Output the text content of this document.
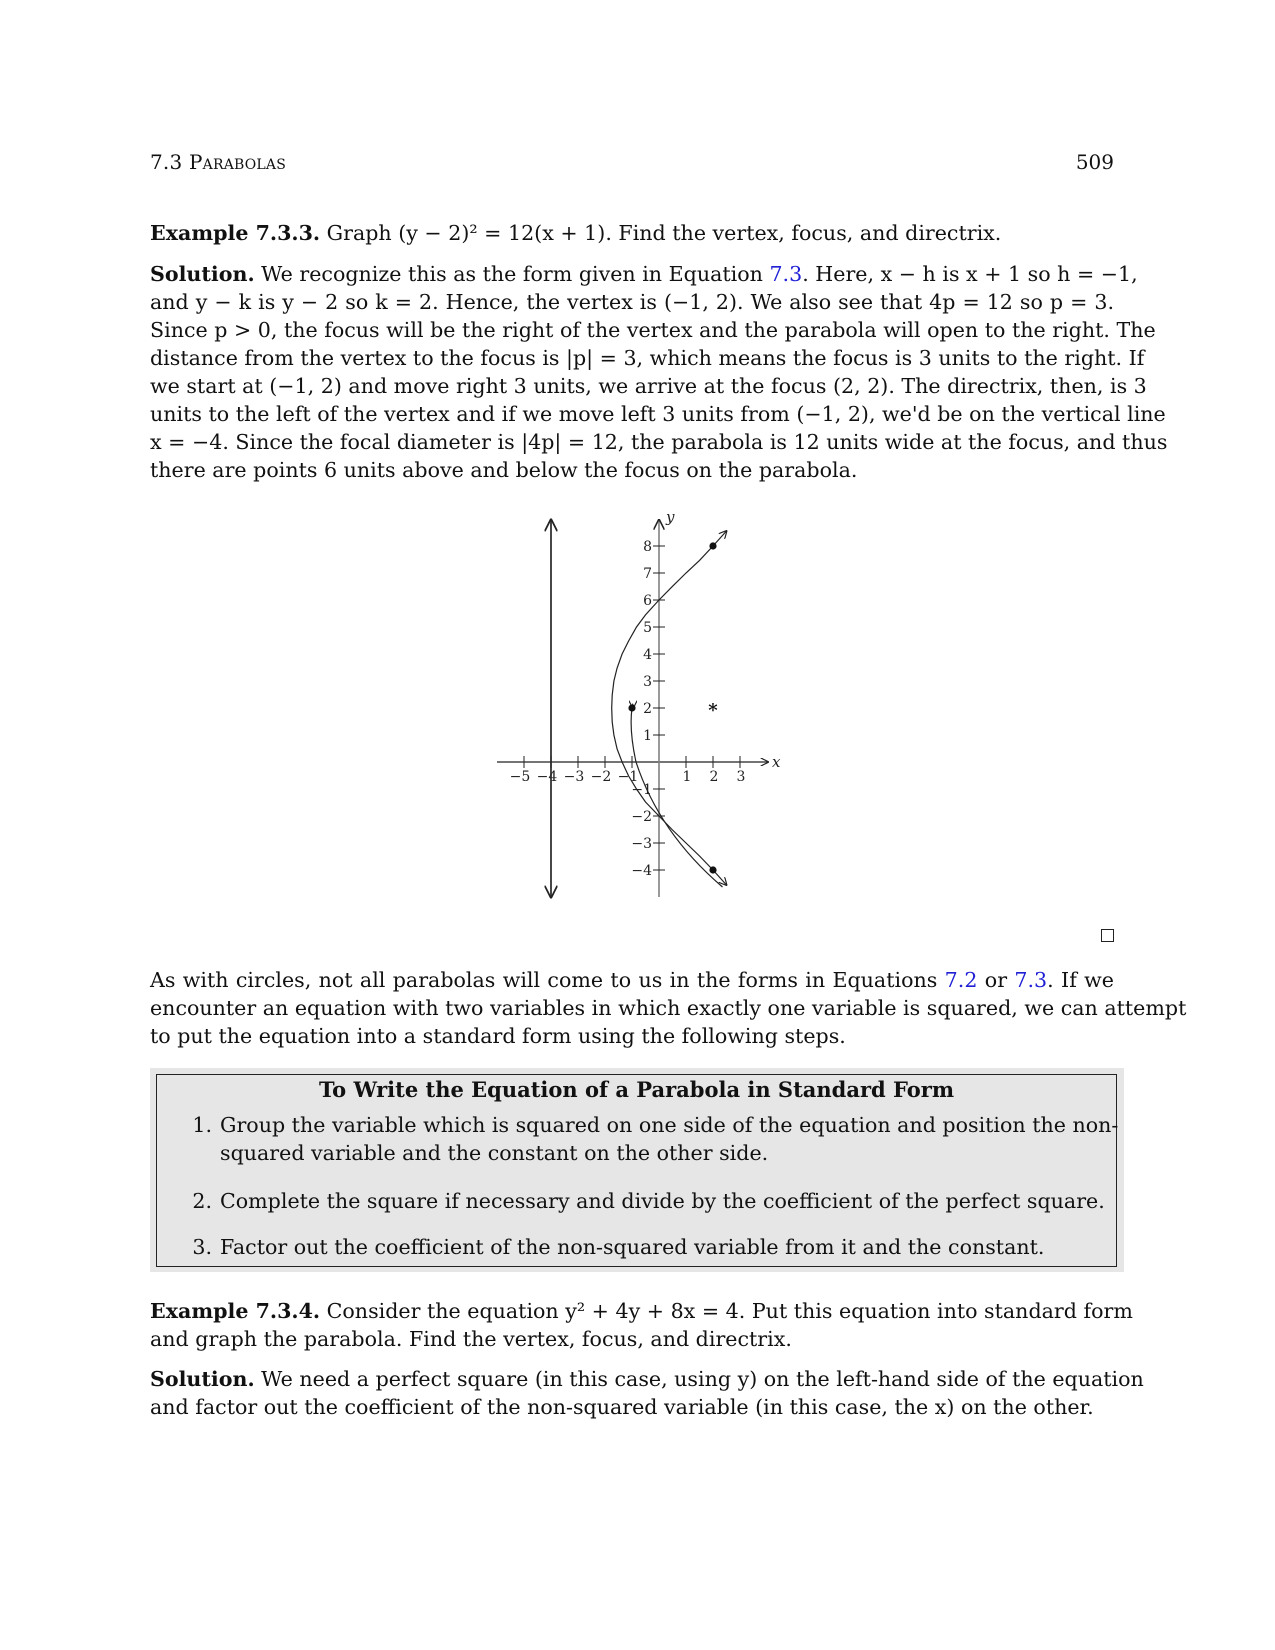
7.3 Parabolas	509
Example 7.3.3. Graph (y − 2)² = 12(x + 1). Find the vertex, focus, and directrix.
Solution. We recognize this as the form given in Equation 7.3. Here, x − h is x + 1 so h = −1,
and y − k is y − 2 so k = 2. Hence, the vertex is (−1, 2). We also see that 4p = 12 so p = 3.
Since p > 0, the focus will be the right of the vertex and the parabola will open to the right. The
distance from the vertex to the focus is |p| = 3, which means the focus is 3 units to the right. If
we start at (−1, 2) and move right 3 units, we arrive at the focus (2, 2). The directrix, then, is 3
units to the left of the vertex and if we move left 3 units from (−1, 2), we'd be on the vertical line
x = −4. Since the focal diameter is |4p| = 12, the parabola is 12 units wide at the focus, and thus
there are points 6 units above and below the focus on the parabola.
−5 −4 −3 −2 −1	1 2 3
8
7
6
5
4
3
2
1
−1
−2
−3
−4
x
y
*
As with circles, not all parabolas will come to us in the forms in Equations 7.2 or 7.3. If we
encounter an equation with two variables in which exactly one variable is squared, we can attempt
to put the equation into a standard form using the following steps.
To Write the Equation of a Parabola in Standard Form
1. Group the variable which is squared on one side of the equation and position the non-
squared variable and the constant on the other side.
2. Complete the square if necessary and divide by the coefficient of the perfect square.
3. Factor out the coefficient of the non-squared variable from it and the constant.
Example 7.3.4. Consider the equation y² + 4y + 8x = 4. Put this equation into standard form
and graph the parabola. Find the vertex, focus, and directrix.
Solution. We need a perfect square (in this case, using y) on the left-hand side of the equation
and factor out the coefficient of the non-squared variable (in this case, the x) on the other.
